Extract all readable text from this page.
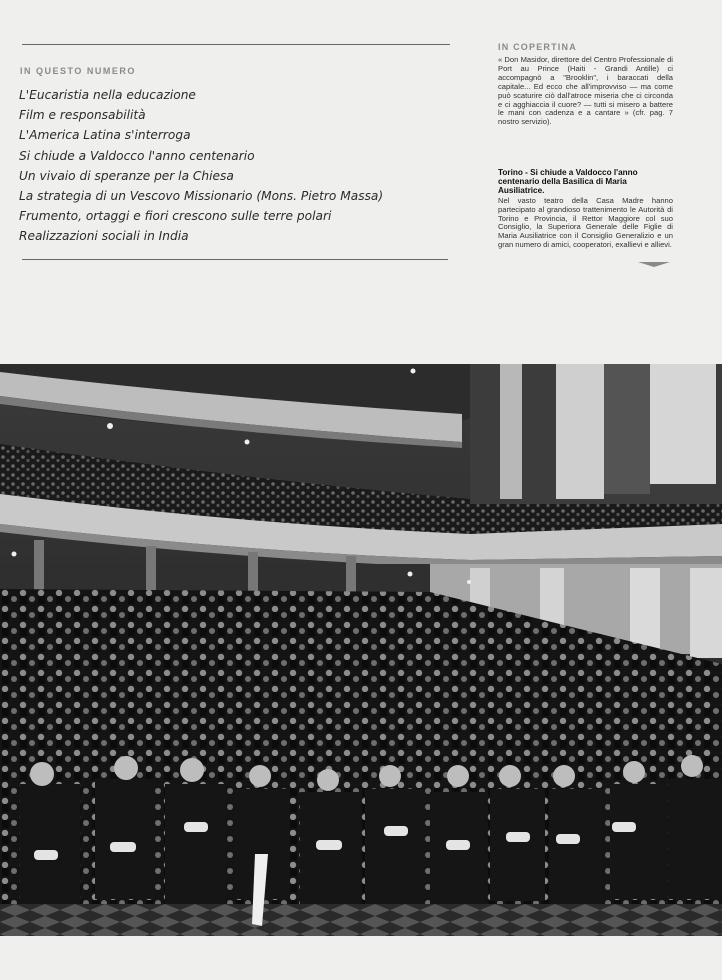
IN QUESTO NUMERO
L'Eucaristia nella educazione
Film e responsabilità
L'America Latina s'interroga
Si chiude a Valdocco l'anno centenario
Un vivaio di speranze per la Chiesa
La strategia di un Vescovo Missionario (Mons. Pietro Massa)
Frumento, ortaggi e fiori crescono sulle terre polari
Realizzazioni sociali in India
IN COPERTINA
« Don Masidor, direttore del Centro Professionale di Port au Prince (Haiti - Grandi Antille) ci accompagnò a "Brooklin", i baraccati della capitale... Ed ecco che all'improvviso — ma come può scaturire ciò dall'atroce miseria che ci circonda e ci agghiaccia il cuore? — tutti si misero a battere le mani con cadenza e a cantare » (cfr. pag. 7 nostro servizio).
Torino - Si chiude a Valdocco l'anno centenario della Basilica di Maria Ausiliatrice.
Nel vasto teatro della Casa Madre hanno partecipato al grandioso trattenimento le Autorità di Torino e Provincia, il Rettor Maggiore col suo Consiglio, la Superiora Generale delle Figlie di Maria Ausiliatrice con il Consiglio Generalizio e un gran numero di amici, cooperatori, exallievi e allievi.
